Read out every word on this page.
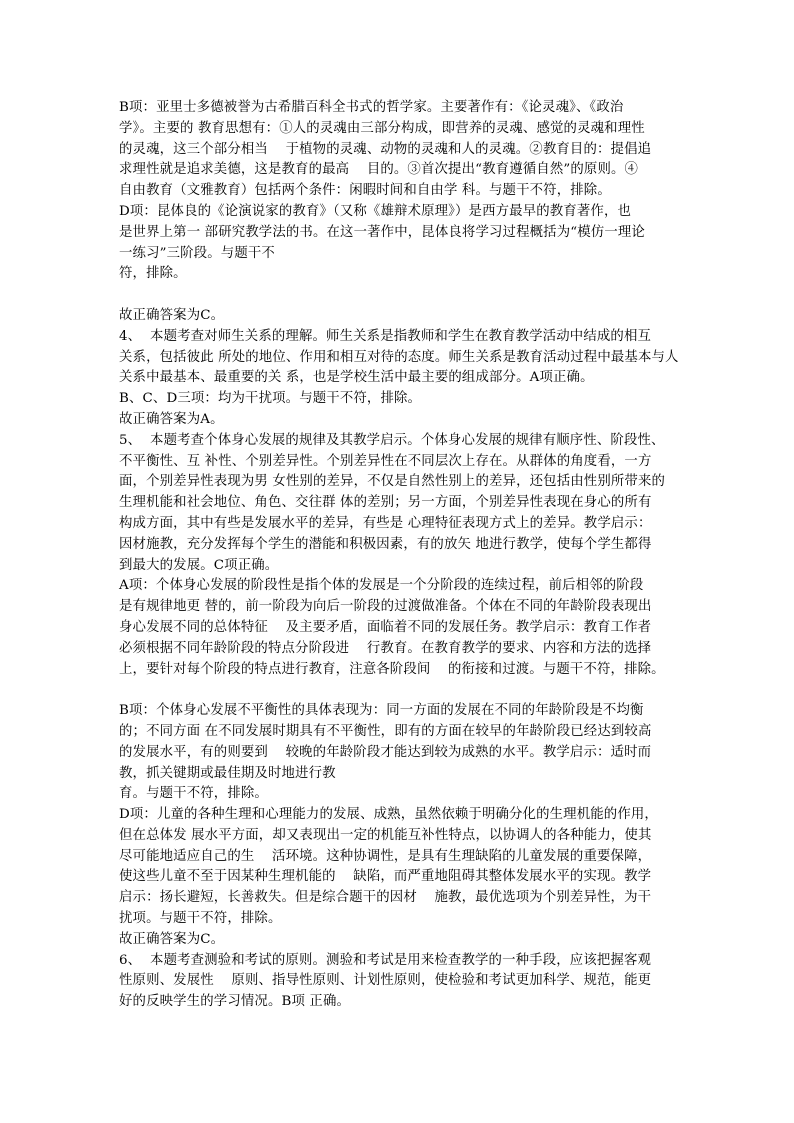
B项：亚里士多德被誉为古希腊百科全书式的哲学家。主要著作有：《论灵魂》、《政治
学》。主要的 教育思想有：①人的灵魂由三部分构成，即营养的灵魂、感觉的灵魂和理性
的灵魂，这三个部分相当    于植物的灵魂、动物的灵魂和人的灵魂。②教育目的：提倡追
求理性就是追求美德，这是教育的最高    目的。③首次提出“教育遵循自然”的原则。④
自由教育（文雅教育）包括两个条件：闲暇时间和自由学 科。与题干不符，排除。
D项：昆体良的《论演说家的教育》（又称《雄辩术原理》）是西方最早的教育著作，也
是世界上第一 部研究教学法的书。在这一著作中，昆体良将学习过程概括为“模仿一理论
一练习”三阶段。与题干不
符，排除。
故正确答案为C。
4、  本题考查对师生关系的理解。师生关系是指教师和学生在教育教学活动中结成的相互
关系，包括彼此 所处的地位、作用和相互对待的态度。师生关系是教育活动过程中最基本与人
关系中最基本、最重要的关 系，也是学校生活中最主要的组成部分。A项正确。
B、C、D三项：均为干扰项。与题干不符，排除。
故正确答案为A。
5、  本题考查个体身心发展的规律及其教学启示。个体身心发展的规律有顺序性、阶段性、
不平衡性、互 补性、个别差异性。个别差异性在不同层次上存在。从群体的角度看，一方
面，个别差异性表现为男 女性别的差异，不仅是自然性别上的差异，还包括由性别所带来的
生理机能和社会地位、角色、交往群 体的差别；另一方面，个别差异性表现在身心的所有
构成方面，其中有些是发展水平的差异，有些是 心理特征表现方式上的差异。教学启示：
因材施教，充分发挥每个学生的潜能和积极因素，有的放矢 地进行教学，使每个学生都得
到最大的发展。C项正确。
A项：个体身心发展的阶段性是指个体的发展是一个分阶段的连续过程，前后相邻的阶段
是有规律地更 替的，前一阶段为向后一阶段的过渡做准备。个体在不同的年龄阶段表现出
身心发展不同的总体特征    及主要矛盾，面临着不同的发展任务。教学启示：教育工作者
必须根据不同年龄阶段的特点分阶段进    行教育。在教育教学的要求、内容和方法的选择
上，要针对每个阶段的特点进行教育，注意各阶段间    的衔接和过渡。与题干不符，排除。
B项：个体身心发展不平衡性的具体表现为：同一方面的发展在不同的年龄阶段是不均衡
的；不同方面 在不同发展时期具有不平衡性，即有的方面在较早的年龄阶段已经达到较高
的发展水平，有的则要到    较晚的年龄阶段才能达到较为成熟的水平。教学启示：适时而
教，抓关键期或最佳期及时地进行教
育。与题干不符，排除。
D项：儿童的各种生理和心理能力的发展、成熟，虽然依赖于明确分化的生理机能的作用，
但在总体发 展水平方面，却又表现出一定的机能互补性特点，以协调人的各种能力，使其
尽可能地适应自己的生    活环境。这种协调性，是具有生理缺陷的儿童发展的重要保障，
使这些儿童不至于因某种生理机能的    缺陷，而严重地阻碍其整体发展水平的实现。教学
启示：扬长避短，长善救失。但是综合题干的因材    施教，最优选项为个别差异性，为干
扰项。与题干不符，排除。
故正确答案为C。
6、  本题考查测验和考试的原则。测验和考试是用来检查教学的一种手段，应该把握客观
性原则、发展性    原则、指导性原则、计划性原则，使检验和考试更加科学、规范，能更
好的反映学生的学习情况。B项 正确。
